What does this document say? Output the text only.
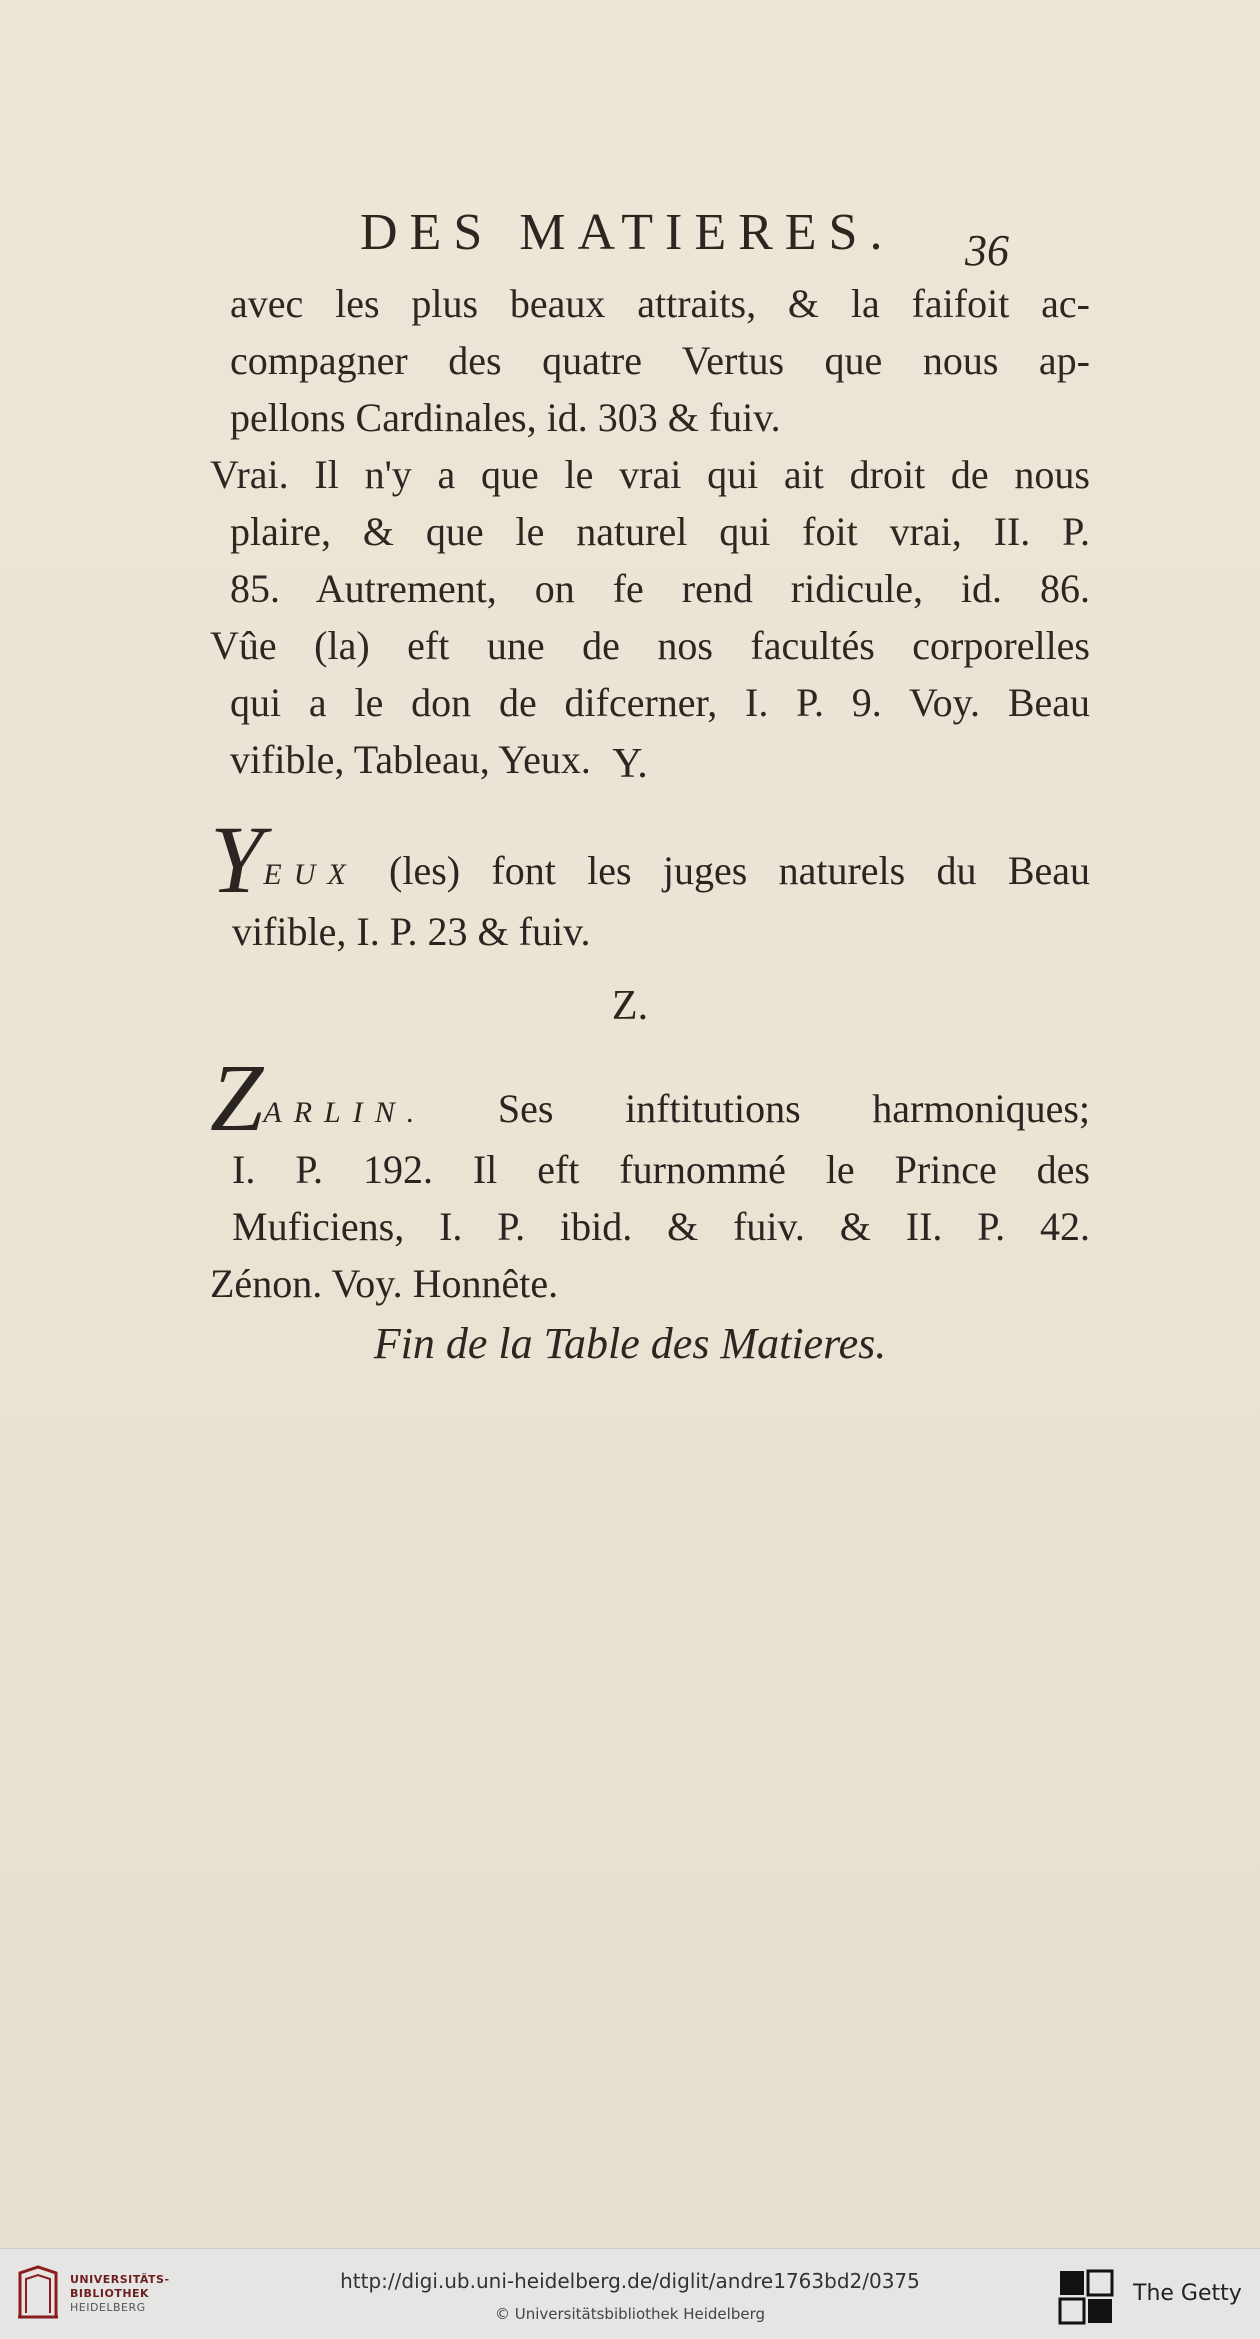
DES MATIERES. 36
avec les plus beaux attraits, & la faifoit ac-
compagner des quatre Vertus que nous ap-
pellons Cardinales, id. 303 & fuiv.
Vrai. Il n'y a que le vrai qui ait droit de nous
plaire, & que le naturel qui foit vrai, II. P.
85. Autrement, on fe rend ridicule, id. 86.
Vûe (la) eft une de nos facultés corporelles
qui a le don de difcerner, I. P. 9. Voy. Beau
vifible, Tableau, Yeux. Y.
YEUX (les) font les juges naturels du Beau
vifible, I. P. 23 & fuiv.
Z.
ZARLIN. Ses inftitutions harmoniques;
I. P. 192. Il eft furnommé le Prince des
Muficiens, I. P. ibid. & fuiv. & II. P. 42.
Zénon. Voy. Honnête.
Fin de la Table des Matieres.
UNIVERSITÄTS-
BIBLIOTHEK
HEIDELBERG
http://digi.ub.uni-heidelberg.de/diglit/andre1763bd2/0375
© Universitätsbibliothek Heidelberg
The Getty
